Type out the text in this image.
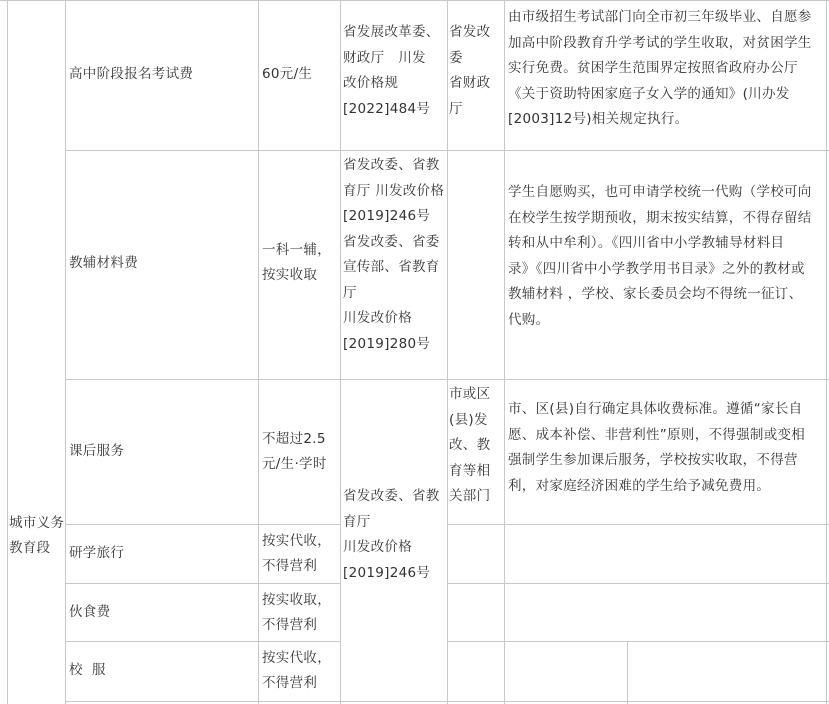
城市义务
教育段
高中阶段报名考试费	60元/生
省发展改革委、
财政厅　川发
改价格规
[2022]484号
省发改
委
省财政
厅
由市级招生考试部门向全市初三年级毕业、自愿参
加高中阶段教育升学考试的学生收取，对贫困学生
实行免费。贫困学生范围界定按照省政府办公厅
《关于资助特困家庭子女入学的通知》(川办发
[2003]12号)相关规定执行。
教辅材料费
一科一辅，
按实收取
省发改委、省教
育厅 川发改价格
[2019]246号
省发改委、省委
宣传部、省教育
厅
川发改价格
[2019]280号
学生自愿购买，也可申请学校统一代购（学校可向
在校学生按学期预收，期末按实结算，不得存留结
转和从中牟利）。《四川省中小学教辅导材料目
录》《四川省中小学教学用书目录》之外的教材或
教辅材料 ，学校、家长委员会均不得统一征订、
代购。
课后服务
不超过2.5
元/生·学时
市或区
(县)发
改、教
育等相
关部门
市、区(县)自行确定具体收费标准。遵循“家长自
愿、成本补偿、非营利性”原则，不得强制或变相
强制学生参加课后服务，学校按实收取，不得营
利，对家庭经济困难的学生给予减免费用。
省发改委、省教
育厅
川发改价格
[2019]246号
研学旅行
按实代收，
不得营利
伙食费
按实收取，
不得营利
校  服
按实代收，
不得营利
